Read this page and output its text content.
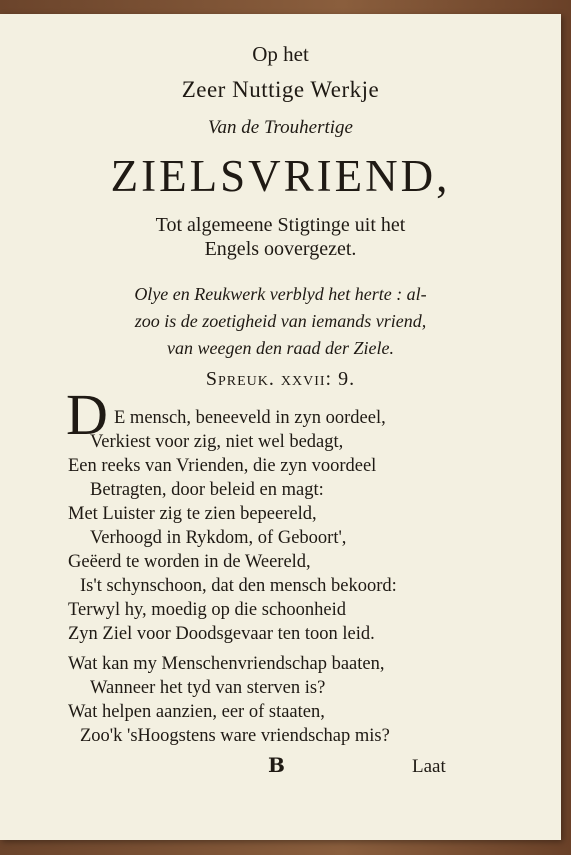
Op het
Zeer Nuttige Werkje
Van de Trouhertige
ZIELSVRIEND,
Tot algemeene Stigtinge uit het
Engels oovergezet.
Olye en Reukwerk verblyd het herte : al-
zoo is de zoetigheid van iemands vriend,
van weegen den raad der Ziele.
Spreuk. xxvii: 9.
D E mensch, beneeveld in zyn oordeel,
Verkiest voor zig, niet wel bedagt,
Een reeks van Vrienden, die zyn voordeel
Betragten, door beleid en magt:
Met Luister zig te zien bepeereld,
Verhoogd in Rykdom, of Geboort',
Geëerd te worden in de Weereld,
Is't schynschoon, dat den mensch bekoord:
Terwyl hy, moedig op die schoonheid
Zyn Ziel voor Doodsgevaar ten toon leid.
Wat kan my Menschenvriendschap baaten,
Wanneer het tyd van sterven is?
Wat helpen aanzien, eer of staaten,
Zoo'k 'sHoogstens ware vriendschap mis?
B	Laat
